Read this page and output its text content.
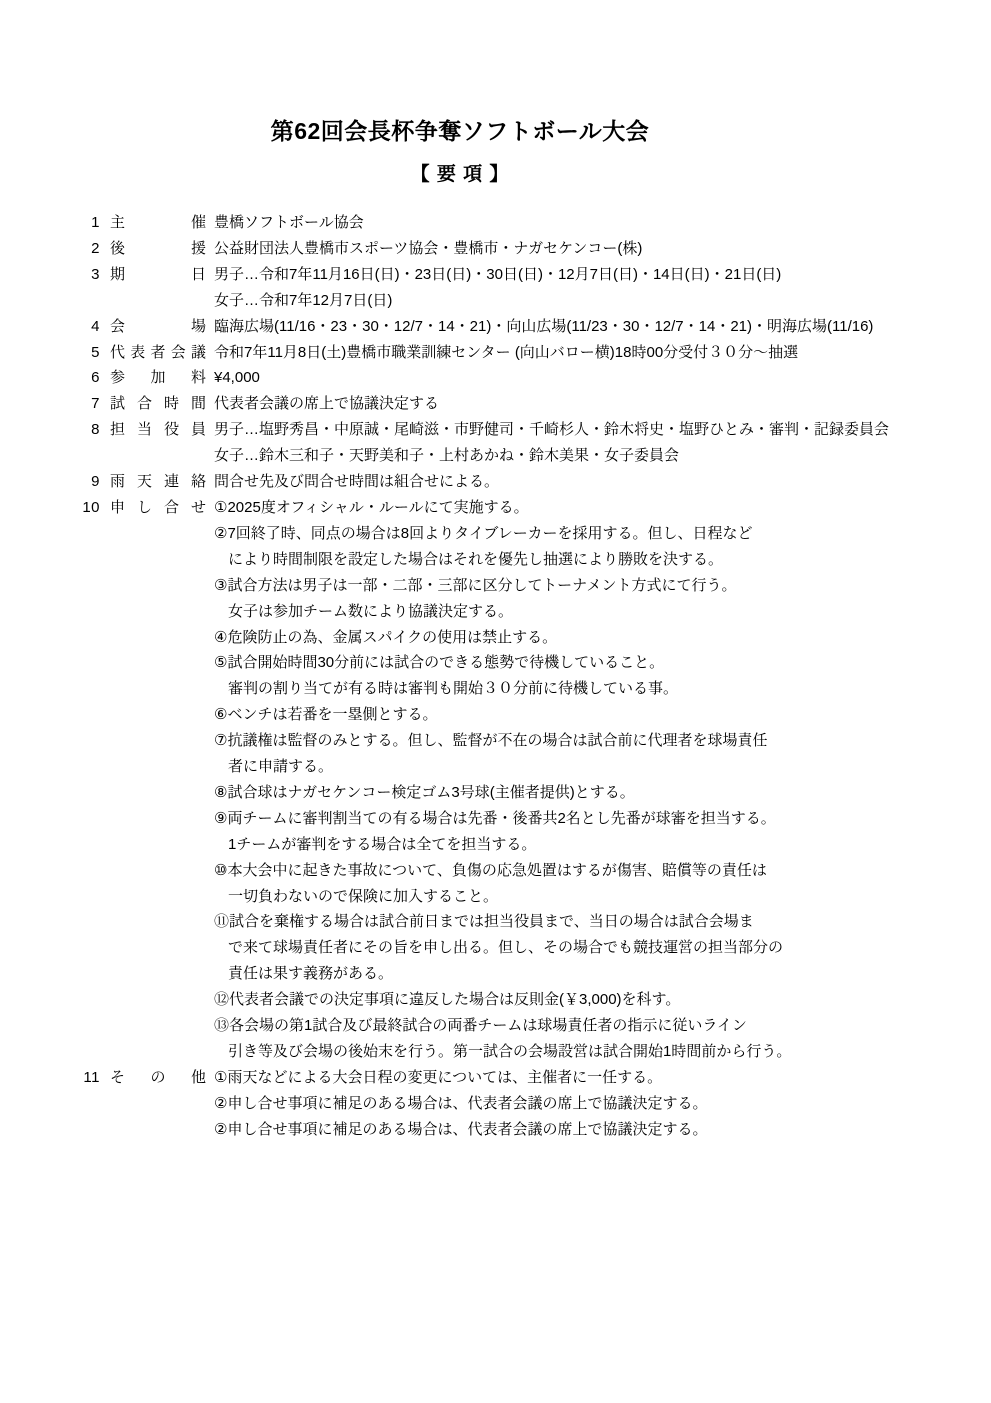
第62回会長杯争奪ソフトボール大会
【 要 項 】
1 主催 豊橋ソフトボール協会
2 後援 公益財団法人豊橋市スポーツ協会・豊橋市・ナガセケンコー(株)
3 期日 男子…令和7年11月16日(日)・23日(日)・30日(日)・12月7日(日)・14日(日)・21日(日)
女子…令和7年12月7日(日)
4 会場 臨海広場(11/16・23・30・12/7・14・21)・向山広場(11/23・30・12/7・14・21)・明海広場(11/16)
5 代表者会議 令和7年11月8日(土)豊橋市職業訓練センター (向山バロー横)18時00分受付３０分～抽選
6 参加料 ¥4,000
7 試合時間 代表者会議の席上で協議決定する
8 担当役員 男子…塩野秀昌・中原誠・尾崎滋・市野健司・千崎杉人・鈴木将史・塩野ひとみ・審判・記録委員会
女子…鈴木三和子・天野美和子・上村あかね・鈴木美果・女子委員会
9 雨天連絡 問合せ先及び問合せ時間は組合せによる。
10 申し合せ ①2025度オフィシャル・ルールにて実施する。
②7回終了時、同点の場合は8回よりタイブレーカーを採用する。但し、日程など
により時間制限を設定した場合はそれを優先し抽選により勝敗を決する。
③試合方法は男子は一部・二部・三部に区分してトーナメント方式にて行う。
女子は参加チーム数により協議決定する。
④危険防止の為、金属スパイクの使用は禁止する。
⑤試合開始時間30分前には試合のできる態勢で待機していること。
審判の割り当てが有る時は審判も開始３０分前に待機している事。
⑥ベンチは若番を一塁側とする。
⑦抗議権は監督のみとする。但し、監督が不在の場合は試合前に代理者を球場責任
者に申請する。
⑧試合球はナガセケンコー検定ゴム3号球(主催者提供)とする。
⑨両チームに審判割当ての有る場合は先番・後番共2名とし先番が球審を担当する。
1チームが審判をする場合は全てを担当する。
⑩本大会中に起きた事故について、負傷の応急処置はするが傷害、賠償等の責任は
一切負わないので保険に加入すること。
⑪試合を棄権する場合は試合前日までは担当役員まで、当日の場合は試合会場ま
で来て球場責任者にその旨を申し出る。但し、その場合でも競技運営の担当部分の
責任は果す義務がある。
⑫代表者会議での決定事項に違反した場合は反則金(￥3,000)を科す。
⑬各会場の第1試合及び最終試合の両番チームは球場責任者の指示に従いライン
引き等及び会場の後始末を行う。第一試合の会場設営は試合開始1時間前から行う。
11 その他 ①雨天などによる大会日程の変更については、主催者に一任する。
②申し合せ事項に補足のある場合は、代表者会議の席上で協議決定する。
②申し合せ事項に補足のある場合は、代表者会議の席上で協議決定する。
